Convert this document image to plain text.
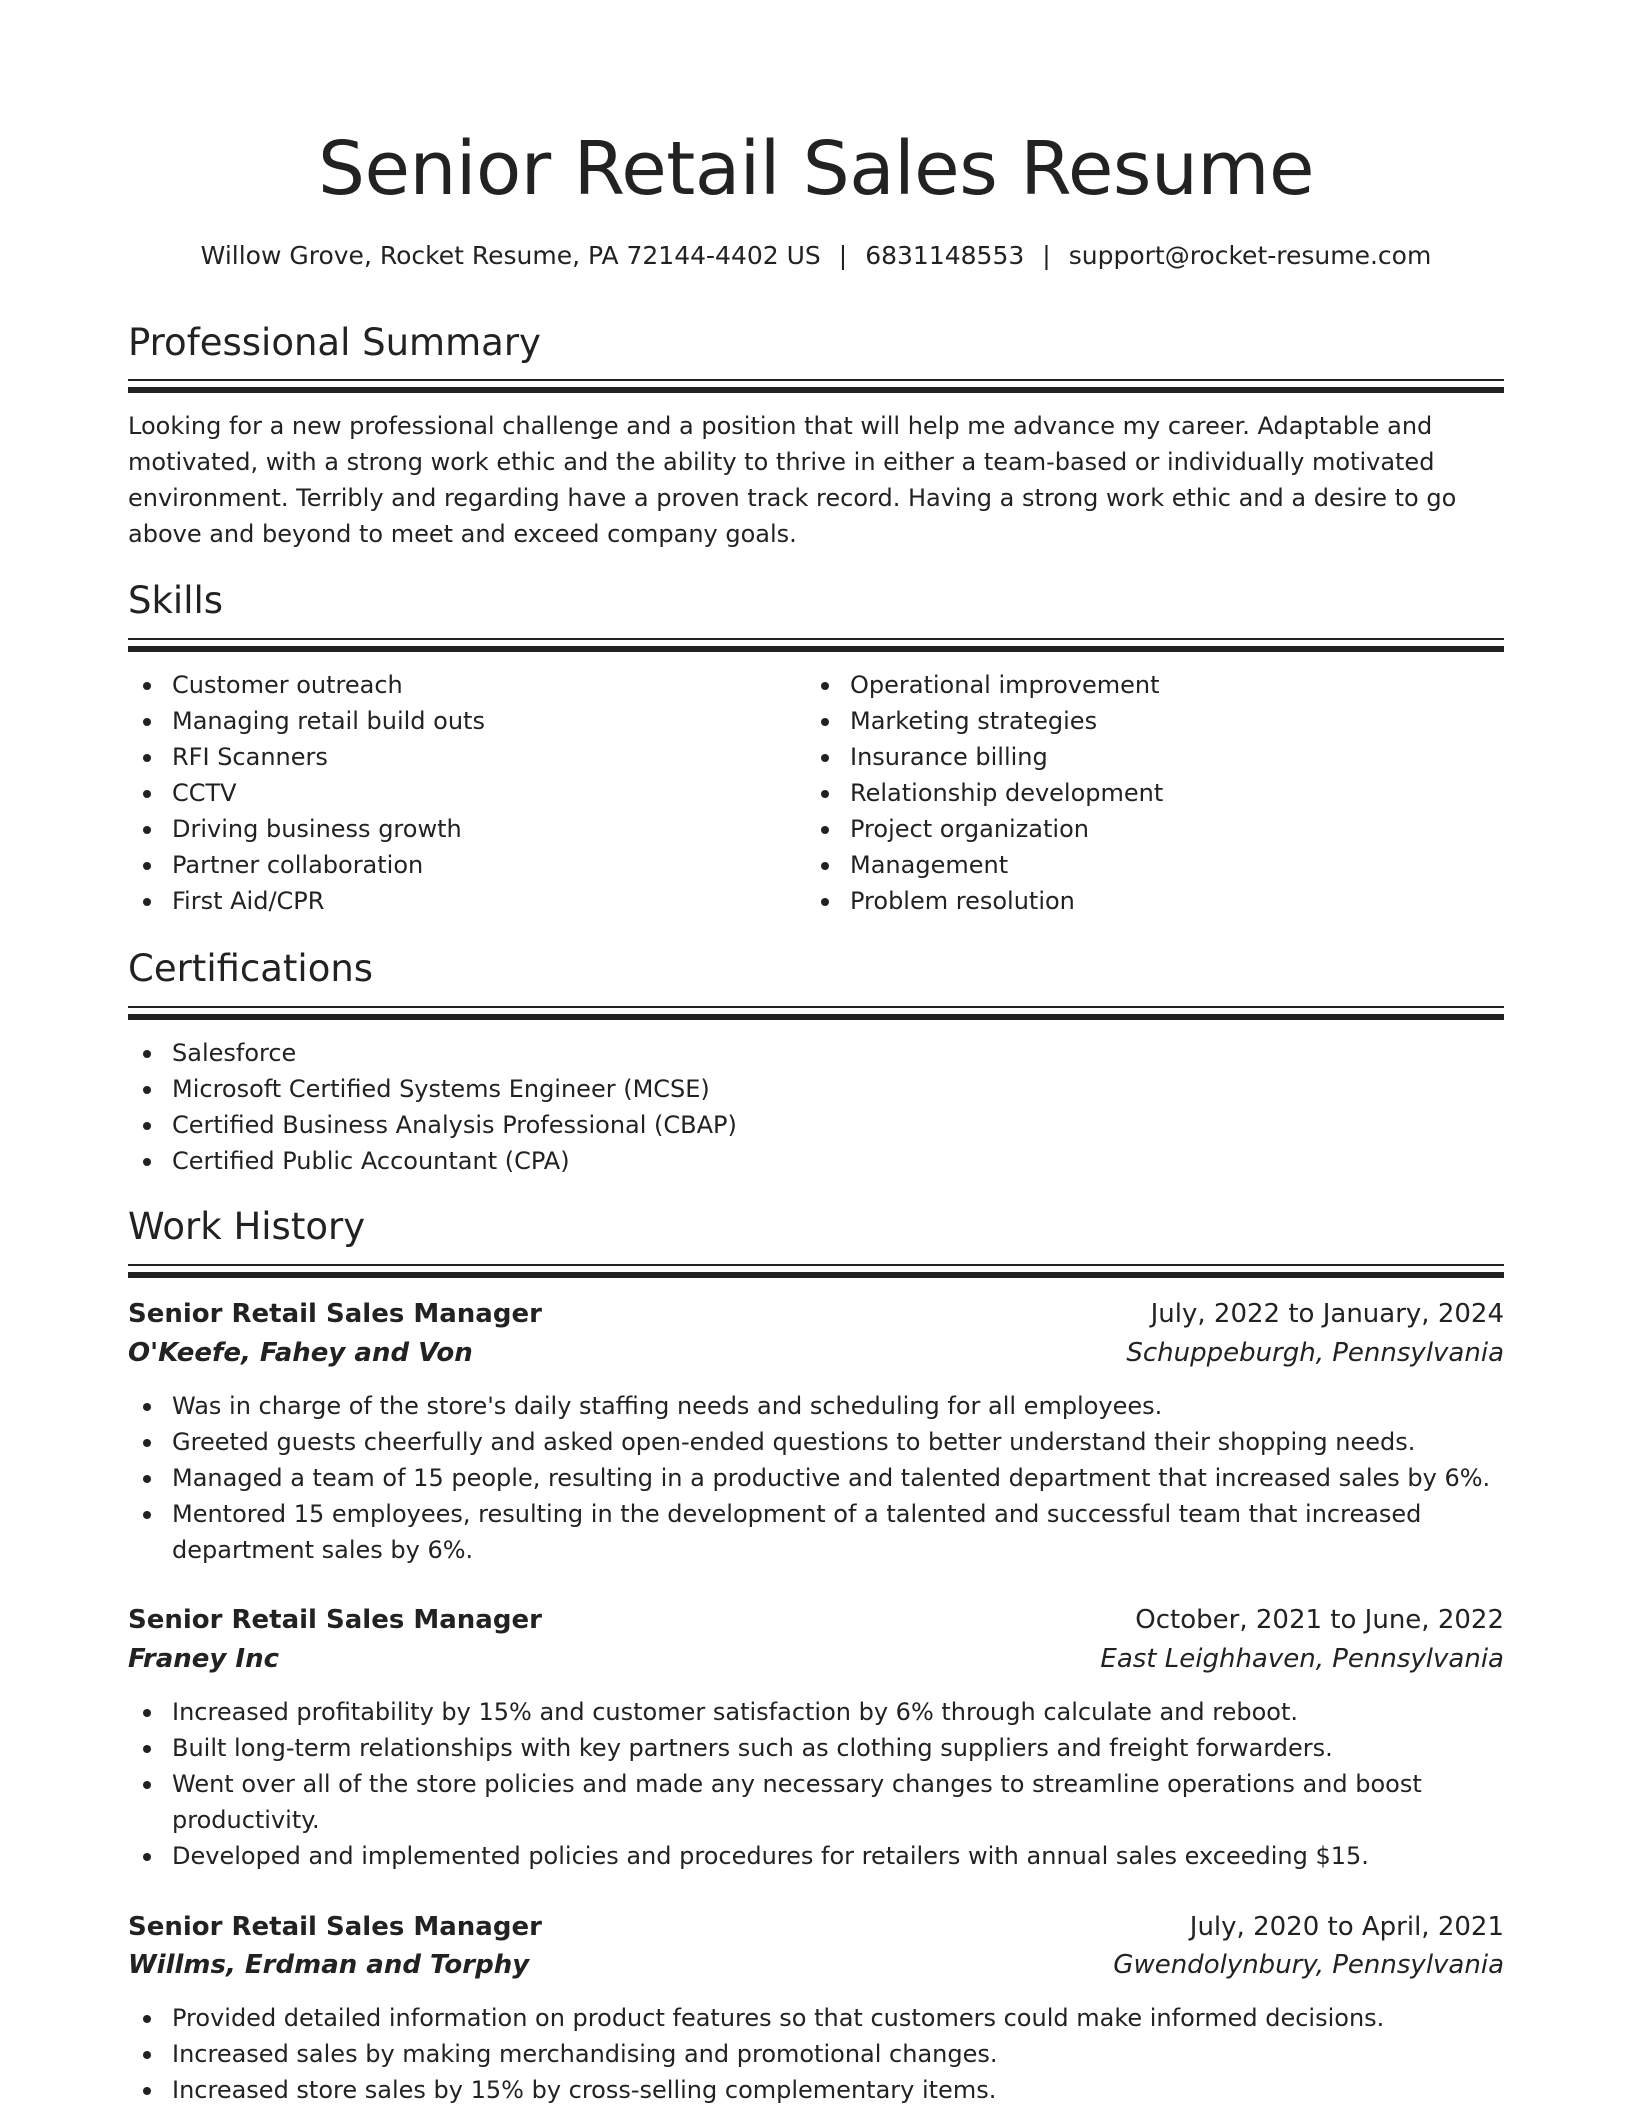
Senior Retail Sales Resume
Willow Grove, Rocket Resume, PA 72144-4402 US | 6831148553 | support@rocket-resume.com
Professional Summary

Looking for a new professional challenge and a position that will help me advance my career. Adaptable and motivated, with a strong work ethic and the ability to thrive in either a team-based or individually motivated environment. Terribly and regarding have a proven track record. Having a strong work ethic and a desire to go above and beyond to meet and exceed company goals.

Skills
Customer outreach
Managing retail build outs
RFI Scanners
CCTV
Driving business growth
Partner collaboration
First Aid/CPR
Operational improvement
Marketing strategies
Insurance billing
Relationship development
Project organization
Management
Problem resolution
Certifications
Salesforce
Microsoft Certified Systems Engineer (MCSE)
Certified Business Analysis Professional (CBAP)
Certified Public Accountant (CPA)
Work History
Senior Retail Sales Manager	July, 2022 to January, 2024
O'Keefe, Fahey and Von	Schuppeburgh, Pennsylvania
Was in charge of the store's daily staffing needs and scheduling for all employees.
Greeted guests cheerfully and asked open-ended questions to better understand their shopping needs.
Managed a team of 15 people, resulting in a productive and talented department that increased sales by 6%.
Mentored 15 employees, resulting in the development of a talented and successful team that increased department sales by 6%.
Senior Retail Sales Manager	October, 2021 to June, 2022
Franey Inc	East Leighhaven, Pennsylvania
Increased profitability by 15% and customer satisfaction by 6% through calculate and reboot.
Built long-term relationships with key partners such as clothing suppliers and freight forwarders.
Went over all of the store policies and made any necessary changes to streamline operations and boost productivity.
Developed and implemented policies and procedures for retailers with annual sales exceeding $15.
Senior Retail Sales Manager	July, 2020 to April, 2021
Willms, Erdman and Torphy	Gwendolynbury, Pennsylvania
Provided detailed information on product features so that customers could make informed decisions.
Increased sales by making merchandising and promotional changes.
Increased store sales by 15% by cross-selling complementary items.
